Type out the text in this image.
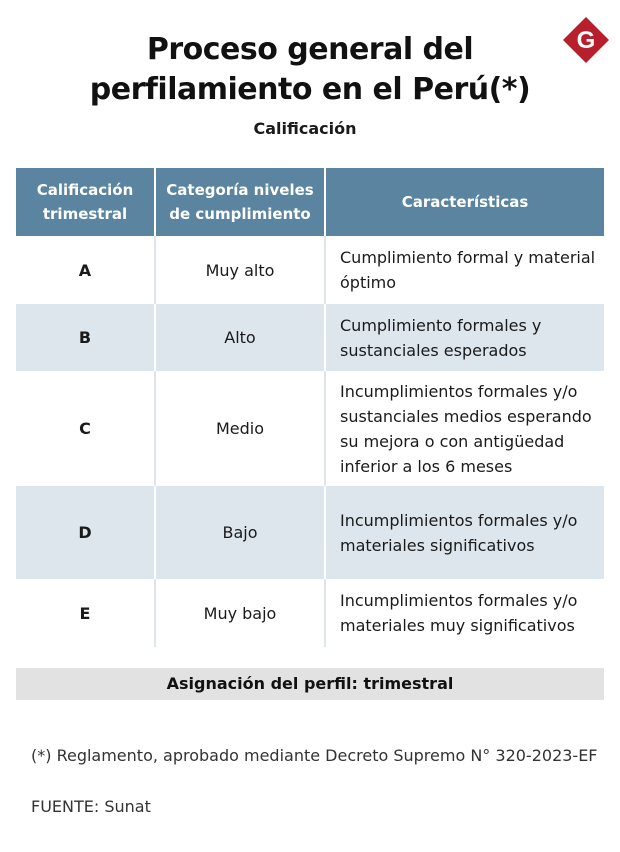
Proceso general del
perfilamiento en el Perú(*)
Calificación
G
Calificación trimestral	Categoría niveles de cumplimiento	Características
A	Muy alto	Cumplimiento formal y material óptimo
B	Alto	Cumplimiento formales y sustanciales esperados
C	Medio	Incumplimientos formales y/o sustanciales medios esperando su mejora o con antigüedad inferior a los 6 meses
D	Bajo	Incumplimientos formales y/o materiales significativos
E	Muy bajo	Incumplimientos formales y/o materiales muy significativos
Asignación del perfil: trimestral
(*) Reglamento, aprobado mediante Decreto Supremo N° 320-2023-EF
FUENTE: Sunat
